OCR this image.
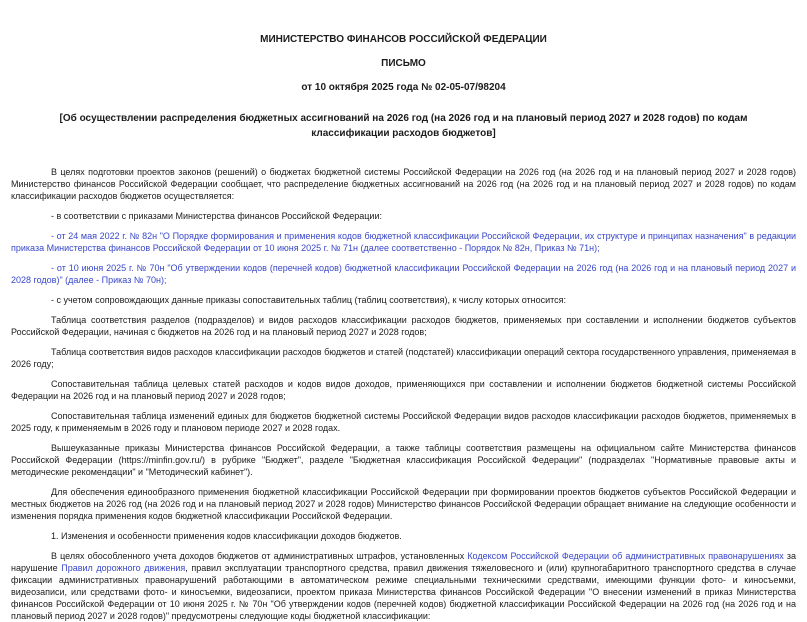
МИНИСТЕРСТВО ФИНАНСОВ РОССИЙСКОЙ ФЕДЕРАЦИИ
ПИСЬМО
от 10 октября 2025 года № 02-05-07/98204
[Об осуществлении распределения бюджетных ассигнований на 2026 год (на 2026 год и на плановый период 2027 и 2028 годов) по кодам классификации расходов бюджетов]

В целях подготовки проектов законов (решений) о бюджетах бюджетной системы Российской Федерации на 2026 год (на 2026 год и на плановый период 2027 и 2028 годов) Министерство финансов Российской Федерации сообщает, что распределение бюджетных ассигнований на 2026 год (на 2026 год и на плановый период 2027 и 2028 годов) по кодам классификации расходов бюджетов осуществляется:

- в соответствии с приказами Министерства финансов Российской Федерации:

- от 24 мая 2022 г. № 82н "О Порядке формирования и применения кодов бюджетной классификации Российской Федерации, их структуре и принципах назначения" в редакции приказа Министерства финансов Российской Федерации от 10 июня 2025 г. № 71н (далее соответственно - Порядок № 82н, Приказ № 71н);

- от 10 июня 2025 г. № 70н "Об утверждении кодов (перечней кодов) бюджетной классификации Российской Федерации на 2026 год (на 2026 год и на плановый период 2027 и 2028 годов)" (далее - Приказ № 70н);

- с учетом сопровождающих данные приказы сопоставительных таблиц (таблиц соответствия), к числу которых относится:

Таблица соответствия разделов (подразделов) и видов расходов классификации расходов бюджетов, применяемых при составлении и исполнении бюджетов субъектов Российской Федерации, начиная с бюджетов на 2026 год и на плановый период 2027 и 2028 годов;

Таблица соответствия видов расходов классификации расходов бюджетов и статей (подстатей) классификации операций сектора государственного управления, применяемая в 2026 году;

Сопоставительная таблица целевых статей расходов и кодов видов доходов, применяющихся при составлении и исполнении бюджетов бюджетной системы Российской Федерации на 2026 год и на плановый период 2027 и 2028 годов;

Сопоставительная таблица изменений единых для бюджетов бюджетной системы Российской Федерации видов расходов классификации расходов бюджетов, применяемых в 2025 году, к применяемым в 2026 году и плановом периоде 2027 и 2028 годах.

Вышеуказанные приказы Министерства финансов Российской Федерации, а также таблицы соответствия размещены на официальном сайте Министерства финансов Российской Федерации (https://minfin.gov.ru/) в рубрике "Бюджет", разделе "Бюджетная классификация Российской Федерации" (подразделах "Нормативные правовые акты и методические рекомендации" и "Методический кабинет").

Для обеспечения единообразного применения бюджетной классификации Российской Федерации при формировании проектов бюджетов субъектов Российской Федерации и местных бюджетов на 2026 год (на 2026 год и на плановый период 2027 и 2028 годов) Министерство финансов Российской Федерации обращает внимание на следующие особенности и изменения порядка применения кодов бюджетной классификации Российской Федерации.

1. Изменения и особенности применения кодов классификации доходов бюджетов.

В целях обособленного учета доходов бюджетов от административных штрафов, установленных Кодексом Российской Федерации об административных правонарушениях за нарушение Правил дорожного движения, правил эксплуатации транспортного средства, правил движения тяжеловесного и (или) крупногабаритного транспортного средства в случае фиксации административных правонарушений работающими в автоматическом режиме специальными техническими средствами, имеющими функции фото- и киносъемки, видеозаписи, или средствами фото- и киносъемки, видеозаписи, проектом приказа Министерства финансов Российской Федерации "О внесении изменений в приказ Министерства финансов Российской Федерации от 10 июня 2025 г. № 70н "Об утверждении кодов (перечней кодов) бюджетной классификации Российской Федерации на 2026 год (на 2026 год и на плановый период 2027 и 2028 годов)" предусмотрены следующие коды бюджетной классификации:
